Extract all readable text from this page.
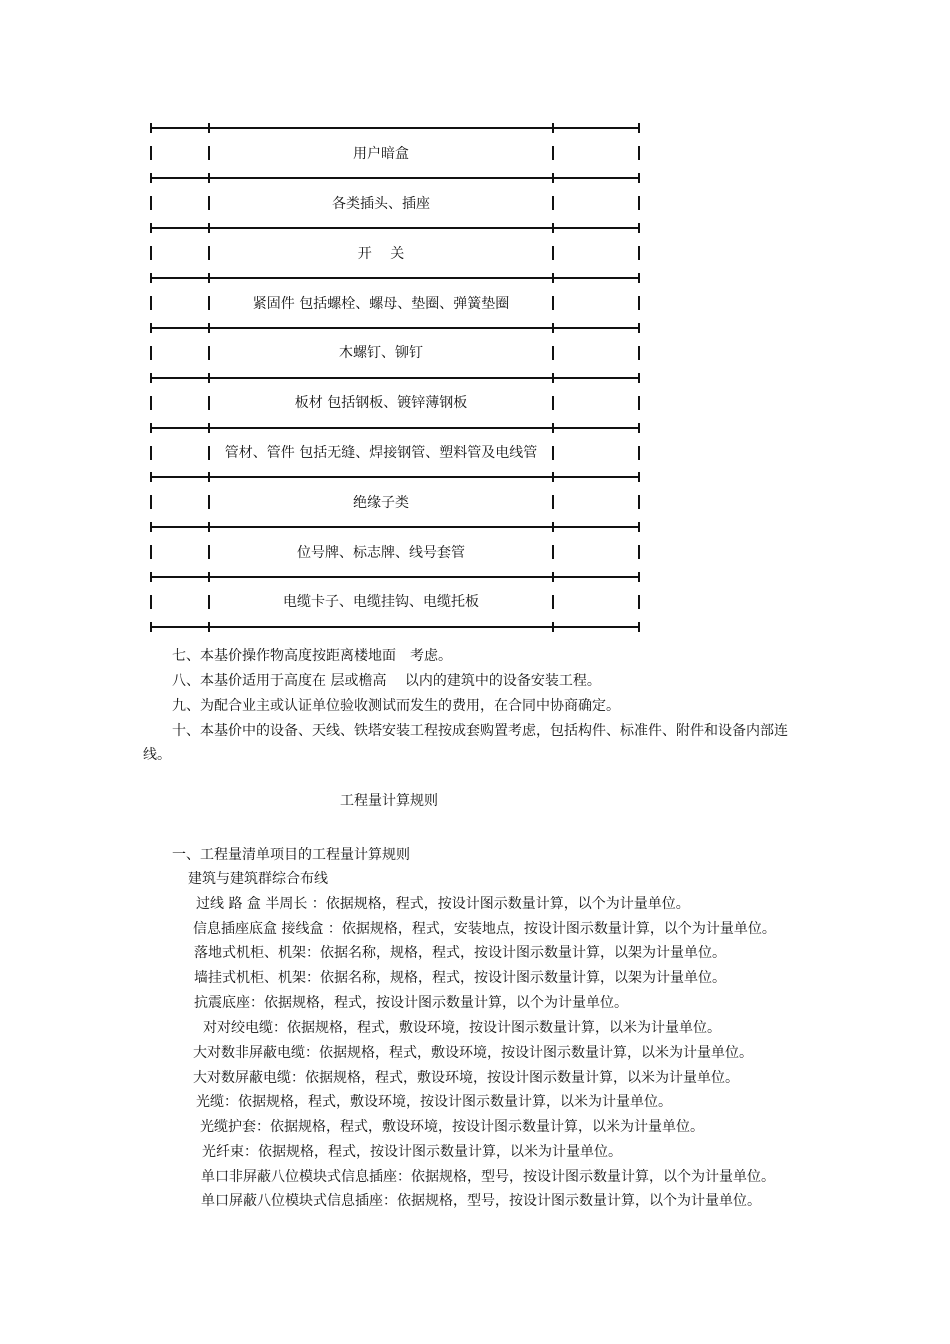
用户暗盒
各类插头、插座
开　 关
紧固件 包括螺栓、螺母、垫圈、弹簧垫圈
木螺钉、铆钉
板材 包括钢板、镀锌薄钢板
管材、管件 包括无缝、焊接钢管、塑料管及电线管
绝缘子类
位号牌、标志牌、线号套管
电缆卡子、电缆挂钩、电缆托板

七、本基价操作物高度按距离楼地面　考虑。

八、本基价适用于高度在 层或檐高　 以内的建筑中的设备安装工程。

九、为配合业主或认证单位验收测试而发生的费用，在合同中协商确定。

十、本基价中的设备、天线、铁塔安装工程按成套购置考虑，包括构件、标准件、附件和设备内部连

线。

工程量计算规则

一、工程量清单项目的工程量计算规则

建筑与建筑群综合布线

过线 路 盒 半周长 ：依据规格，程式，按设计图示数量计算，以个为计量单位。

信息插座底盒 接线盒 ：依据规格，程式，安装地点，按设计图示数量计算，以个为计量单位。

落地式机柜、机架：依据名称，规格，程式，按设计图示数量计算，以架为计量单位。

墙挂式机柜、机架：依据名称，规格，程式，按设计图示数量计算，以架为计量单位。

抗震底座：依据规格，程式，按设计图示数量计算，以个为计量单位。

对对绞电缆：依据规格，程式，敷设环境，按设计图示数量计算，以米为计量单位。

大对数非屏蔽电缆：依据规格，程式，敷设环境，按设计图示数量计算，以米为计量单位。

大对数屏蔽电缆：依据规格，程式，敷设环境，按设计图示数量计算，以米为计量单位。

光缆：依据规格，程式，敷设环境，按设计图示数量计算，以米为计量单位。

光缆护套：依据规格，程式，敷设环境，按设计图示数量计算，以米为计量单位。

光纤束：依据规格，程式，按设计图示数量计算，以米为计量单位。

单口非屏蔽八位模块式信息插座：依据规格，型号，按设计图示数量计算，以个为计量单位。

单口屏蔽八位模块式信息插座：依据规格，型号，按设计图示数量计算，以个为计量单位。
